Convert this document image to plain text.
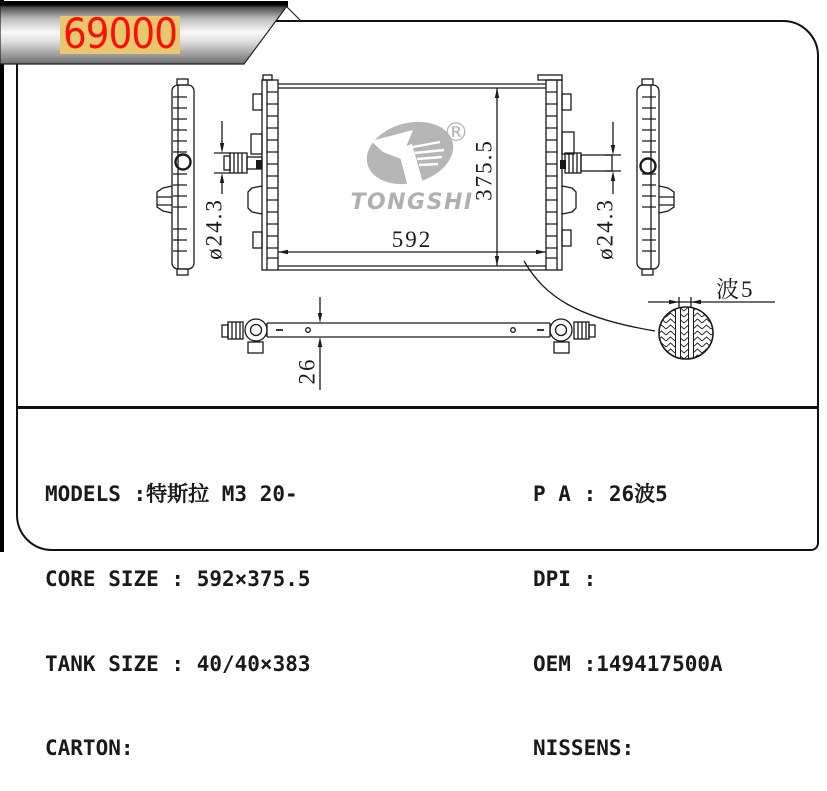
ø24.3
®
TONGSHI
592
375.5
ø24.3
26
波5
69000

MODELS :特斯拉 M3 20-

CORE SIZE : 592×375.5

TANK SIZE : 40/40×383

CARTON:

P A : 26波5

DPI :

OEM :149417500A

NISSENS:
